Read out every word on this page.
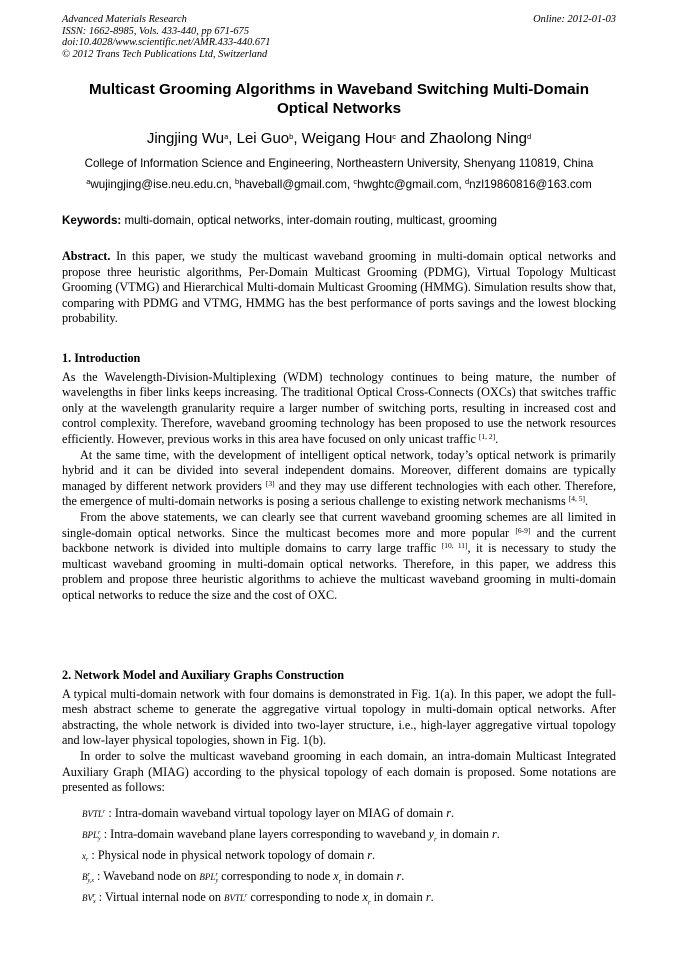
Advanced Materials Research
ISSN: 1662-8985, Vols. 433-440, pp 671-675
doi:10.4028/www.scientific.net/AMR.433-440.671
© 2012 Trans Tech Publications Ltd, Switzerland
Online: 2012-01-03
Multicast Grooming Algorithms in Waveband Switching Multi-Domain Optical Networks
Jingjing Wu$^a$, Lei Guo$^b$, Weigang Hou$^c$ and Zhaolong Ning$^d$
College of Information Science and Engineering, Northeastern University, Shenyang 110819, China
$^a$wujingjing@ise.neu.edu.cn, $^b$haveball@gmail.com, $^c$hwghtc@gmail.com, $^d$nzl19860816@163.com
Keywords: multi-domain, optical networks, inter-domain routing, multicast, grooming

Abstract. In this paper, we study the multicast waveband grooming in multi-domain optical networks and propose three heuristic algorithms, Per-Domain Multicast Grooming (PDMG), Virtual Topology Multicast Grooming (VTMG) and Hierarchical Multi-domain Multicast Grooming (HMMG). Simulation results show that, comparing with PDMG and VTMG, HMMG has the best performance of ports savings and the lowest blocking probability.

1. Introduction

As the Wavelength-Division-Multiplexing (WDM) technology continues to being mature, the number of wavelengths in fiber links keeps increasing. The traditional Optical Cross-Connects (OXCs) that switches traffic only at the wavelength granularity require a larger number of switching ports, resulting in increased cost and control complexity. Therefore, waveband grooming technology has been proposed to use the network resources efficiently. However, previous works in this area have focused on only unicast traffic [1, 2].

At the same time, with the development of intelligent optical network, today’s optical network is primarily hybrid and it can be divided into several independent domains. Moreover, different domains are typically managed by different network providers [3] and they may use different technologies with each other. Therefore, the emergence of multi-domain networks is posing a serious challenge to existing network mechanisms [4, 5].

From the above statements, we can clearly see that current waveband grooming schemes are all limited in single-domain optical networks. Since the multicast becomes more and more popular [6-9] and the current backbone network is divided into multiple domains to carry large traffic [10, 11], it is necessary to study the multicast waveband grooming in multi-domain optical networks. Therefore, in this paper, we address this problem and propose three heuristic algorithms to achieve the multicast waveband grooming in multi-domain optical networks to reduce the size and the cost of OXC.

2. Network Model and Auxiliary Graphs Construction

A typical multi-domain network with four domains is demonstrated in Fig. 1(a). In this paper, we adopt the full-mesh abstract scheme to generate the aggregative virtual topology in multi-domain optical networks. After abstracting, the whole network is divided into two-layer structure, i.e., high-layer aggregative virtual topology and low-layer physical topologies, shown in Fig. 1(b).

In order to solve the multicast waveband grooming in each domain, an intra-domain Multicast Integrated Auxiliary Graph (MIAG) according to the physical topology of each domain is proposed. Some notations are presented as follows:

BVTL r
: Intra-domain waveband virtual topology layer on MIAG of domain r.
BPL r
y : Intra-domain waveband plane layers corresponding to waveband $y_r$ in domain r.
x
r : Physical node in physical network topology of domain r.
B r
y,x : Waveband node on BPL r
y corresponding to node $x_r$ in domain r.
BV r
x : Virtual internal node on BVTL r
corresponding to node $x_r$ in domain r.
